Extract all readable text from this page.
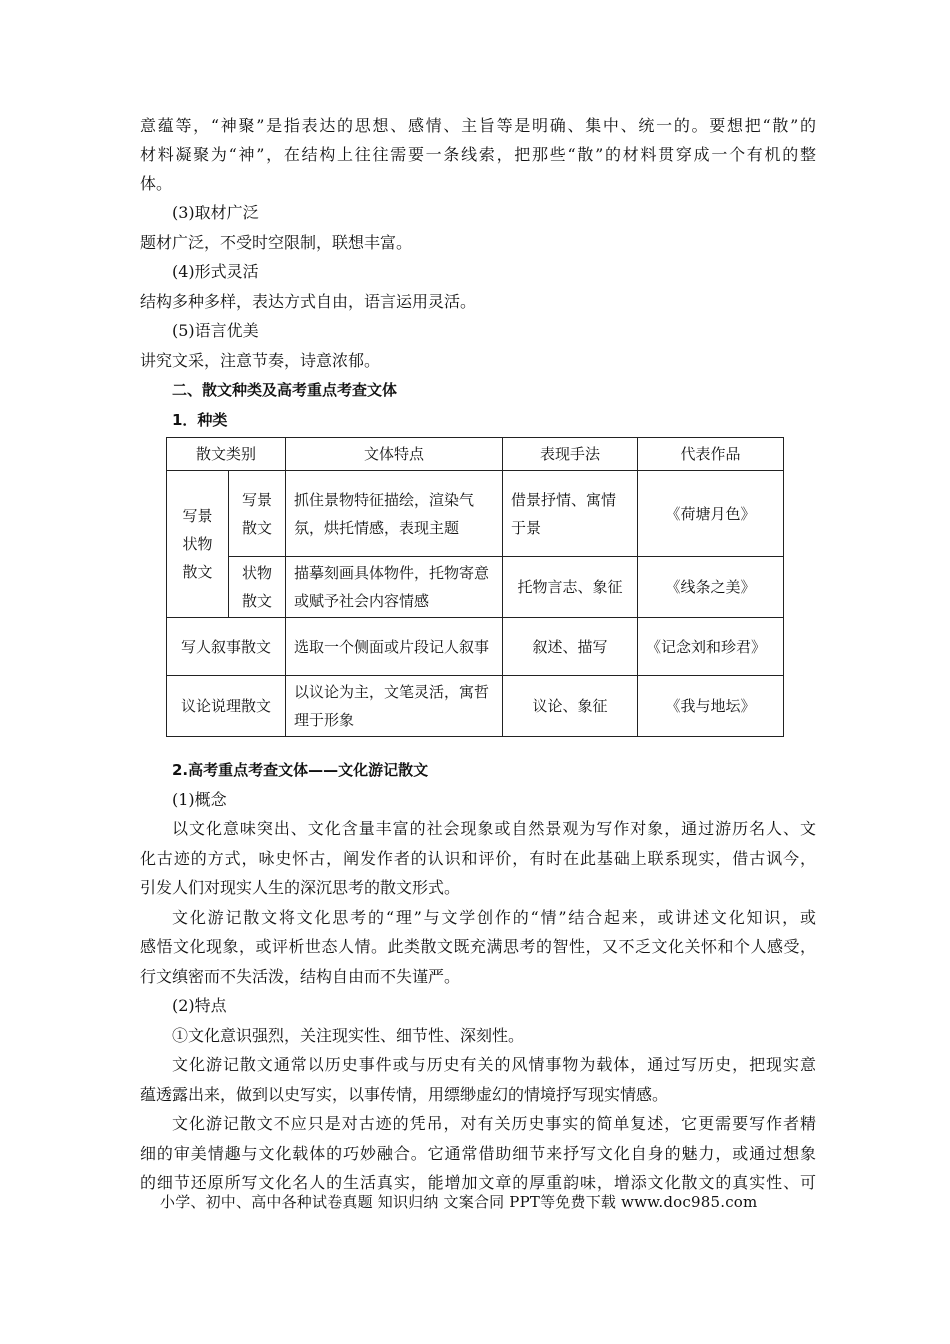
意蕴等，“神聚”是指表达的思想、感情、主旨等是明确、集中、统一的。要想把“散”的
材料凝聚为“神”，在结构上往往需要一条线索，把那些“散”的材料贯穿成一个有机的整
体。
(3)取材广泛
题材广泛，不受时空限制，联想丰富。
(4)形式灵活
结构多种多样，表达方式自由，语言运用灵活。
(5)语言优美
讲究文采，注意节奏，诗意浓郁。
二、散文种类及高考重点考查文体
1．种类
散文类别		文体特点	表现手法	代表作品
写景状物散文	写景散文	抓住景物特征描绘，渲染气氛，烘托情感，表现主题	借景抒情、寓情于景	《荷塘月色》
	状物散文	描摹刻画具体物件，托物寄意或赋予社会内容情感	托物言志、象征	《线条之美》
写人叙事散文		选取一个侧面或片段记人叙事	叙述、描写	《记念刘和珍君》
议论说理散文		以议论为主，文笔灵活，寓哲理于形象	议论、象征	《我与地坛》
2.高考重点考查文体——文化游记散文
(1)概念
以文化意味突出、文化含量丰富的社会现象或自然景观为写作对象，通过游历名人、文
化古迹的方式，咏史怀古，阐发作者的认识和评价，有时在此基础上联系现实，借古讽今，
引发人们对现实人生的深沉思考的散文形式。
文化游记散文将文化思考的“理”与文学创作的“情”结合起来，或讲述文化知识，或
感悟文化现象，或评析世态人情。此类散文既充满思考的智性，又不乏文化关怀和个人感受，
行文缜密而不失活泼，结构自由而不失谨严。
(2)特点
①文化意识强烈，关注现实性、细节性、深刻性。
文化游记散文通常以历史事件或与历史有关的风情事物为载体，通过写历史，把现实意
蕴透露出来，做到以史写实，以事传情，用缥缈虚幻的情境抒写现实情感。
文化游记散文不应只是对古迹的凭吊，对有关历史事实的简单复述，它更需要写作者精
细的审美情趣与文化载体的巧妙融合。它通常借助细节来抒写文化自身的魅力，或通过想象
的细节还原所写文化名人的生活真实，能增加文章的厚重韵味，增添文化散文的真实性、可
小学、初中、高中各种试卷真题 知识归纳 文案合同 PPT等免费下载 www.doc985.com
